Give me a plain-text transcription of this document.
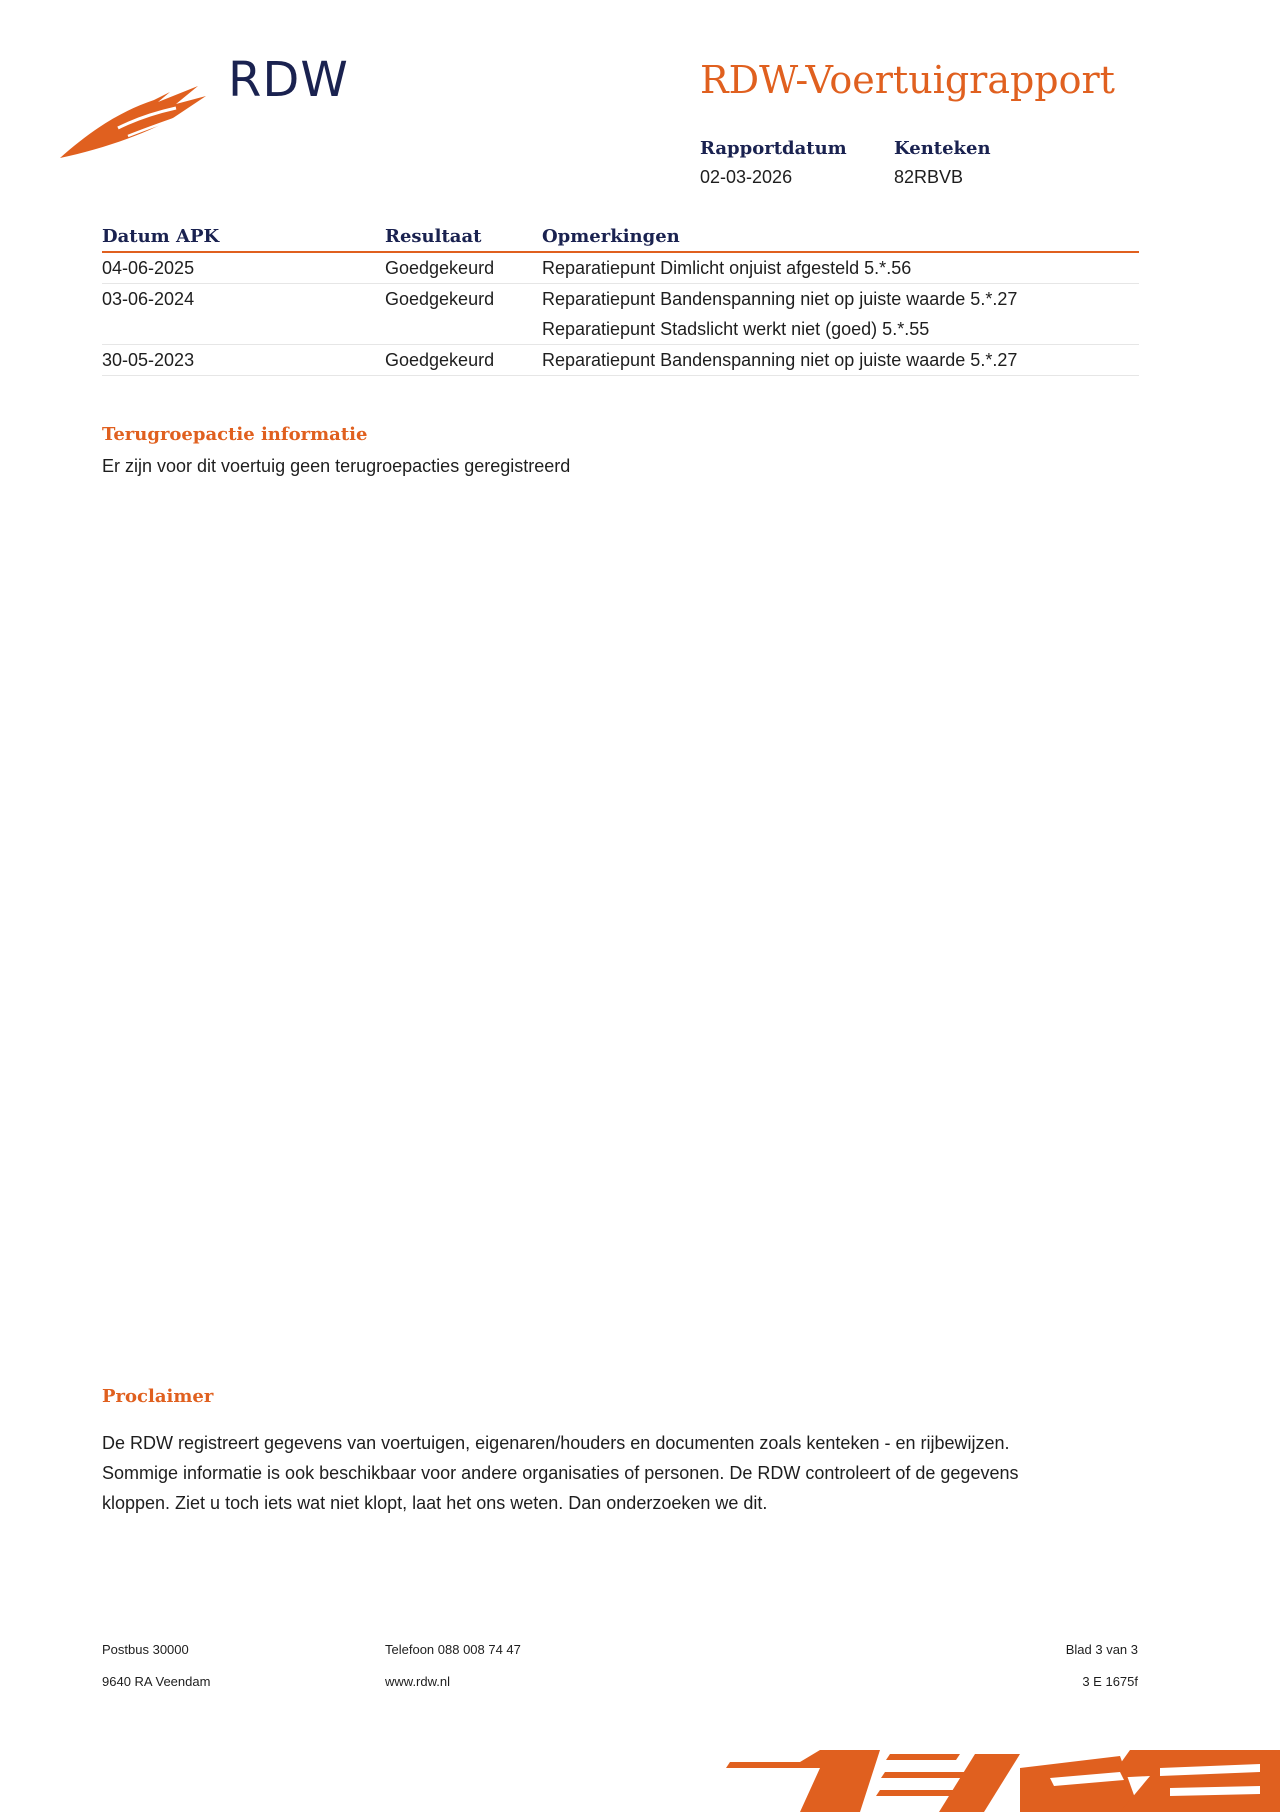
RDW	RDW-Voertuigrapport
Rapportdatum
02-03-2026
Kenteken
82RBVB
Datum APK	Resultaat	Opmerkingen
04-06-2025	Goedgekeurd	Reparatiepunt Dimlicht onjuist afgesteld 5.*.56

03-06-2024	Goedgekeurd	Reparatiepunt Bandenspanning niet op juiste waarde 5.*.27
Reparatiepunt Stadslicht werkt niet (goed) 5.*.55

30-05-2023	Goedgekeurd	Reparatiepunt Bandenspanning niet op juiste waarde 5.*.27
Terugroepactie informatie
Er zijn voor dit voertuig geen terugroepacties geregistreerd
Proclaimer
De RDW registreert gegevens van voertuigen, eigenaren/houders en documenten zoals kenteken - en rijbewijzen.
Sommige informatie is ook beschikbaar voor andere organisaties of personen. De RDW controleert of de gegevens
kloppen. Ziet u toch iets wat niet klopt, laat het ons weten. Dan onderzoeken we dit.
Postbus 30000
9640 RA Veendam
Telefoon 088 008 74 47
www.rdw.nl
Blad 3 van 3
3 E 1675f
